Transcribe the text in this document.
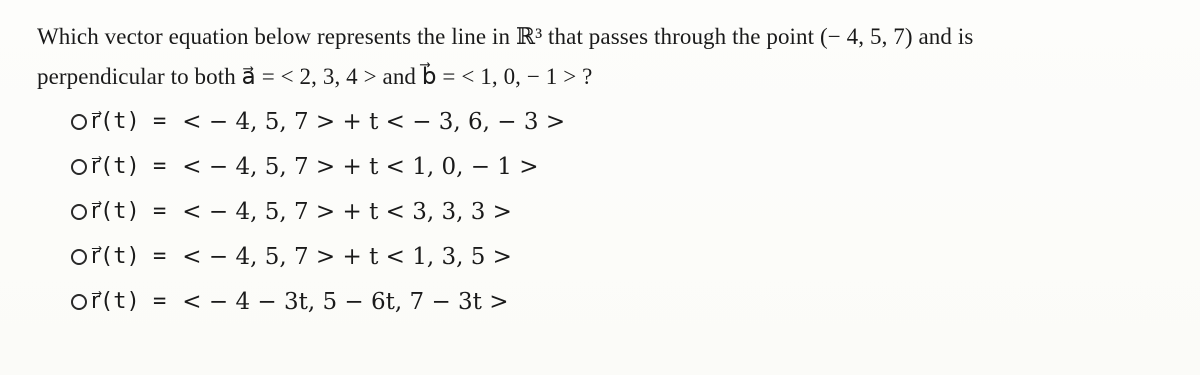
Which vector equation below represents the line in ℝ³ that passes through the point (− 4, 5, 7) and is
perpendicular to both a⃗ = < 2, 3, 4 > and b⃗ = < 1, 0, − 1 > ?
r⃗(t) = < − 4, 5, 7 > + t < − 3, 6, − 3 >
r⃗(t) = < − 4, 5, 7 > + t < 1, 0, − 1 >
r⃗(t) = < − 4, 5, 7 > + t < 3, 3, 3 >
r⃗(t) = < − 4, 5, 7 > + t < 1, 3, 5 >
r⃗(t) = < − 4 − 3t, 5 − 6t, 7 − 3t >
